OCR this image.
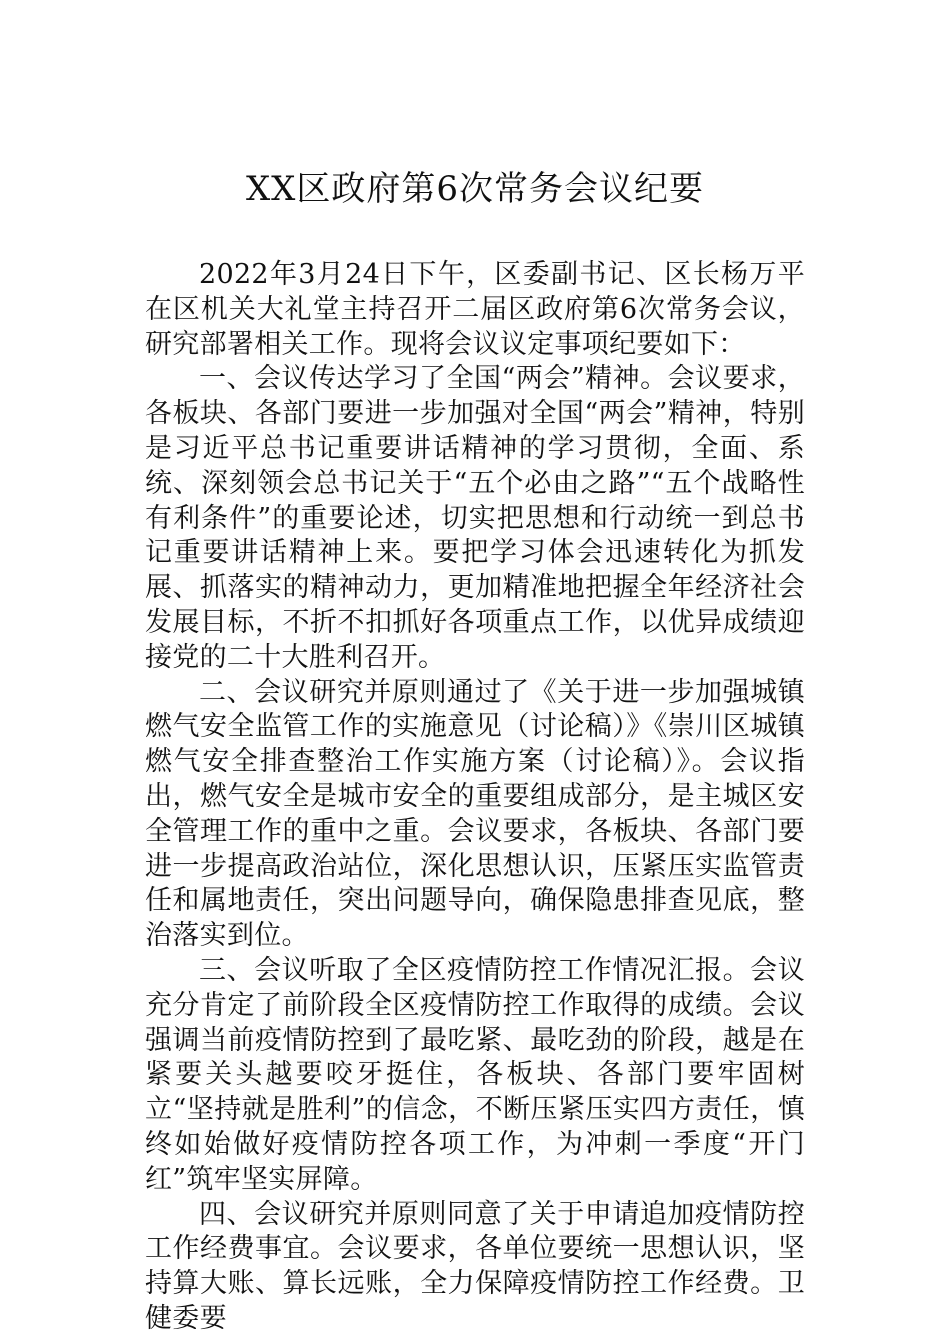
XX区政府第6次常务会议纪要

2022年3月24日下午，区委副书记、区长杨万平在区机关大礼堂主持召开二届区政府第6次常务会议，研究部署相关工作。现将会议议定事项纪要如下：

一、会议传达学习了全国“两会”精神。会议要求，各板块、各部门要进一步加强对全国“两会”精神，特别是习近平总书记重要讲话精神的学习贯彻，全面、系统、深刻领会总书记关于“五个必由之路”“五个战略性有利条件”的重要论述，切实把思想和行动统一到总书记重要讲话精神上来。要把学习体会迅速转化为抓发展、抓落实的精神动力，更加精准地把握全年经济社会发展目标，不折不扣抓好各项重点工作，以优异成绩迎接党的二十大胜利召开。

二、会议研究并原则通过了《关于进一步加强城镇燃气安全监管工作的实施意见（讨论稿）》《崇川区城镇燃气安全排查整治工作实施方案（讨论稿）》。会议指出，燃气安全是城市安全的重要组成部分，是主城区安全管理工作的重中之重。会议要求，各板块、各部门要进一步提高政治站位，深化思想认识，压紧压实监管责任和属地责任，突出问题导向，确保隐患排查见底，整治落实到位。

三、会议听取了全区疫情防控工作情况汇报。会议充分肯定了前阶段全区疫情防控工作取得的成绩。会议强调当前疫情防控到了最吃紧、最吃劲的阶段，越是在紧要关头越要咬牙挺住，各板块、各部门要牢固树立“坚持就是胜利”的信念，不断压紧压实四方责任，慎终如始做好疫情防控各项工作，为冲刺一季度“开门红”筑牢坚实屏障。

四、会议研究并原则同意了关于申请追加疫情防控工作经费事宜。会议要求，各单位要统一思想认识，坚持算大账、算长远账，全力保障疫情防控工作经费。卫健委要
